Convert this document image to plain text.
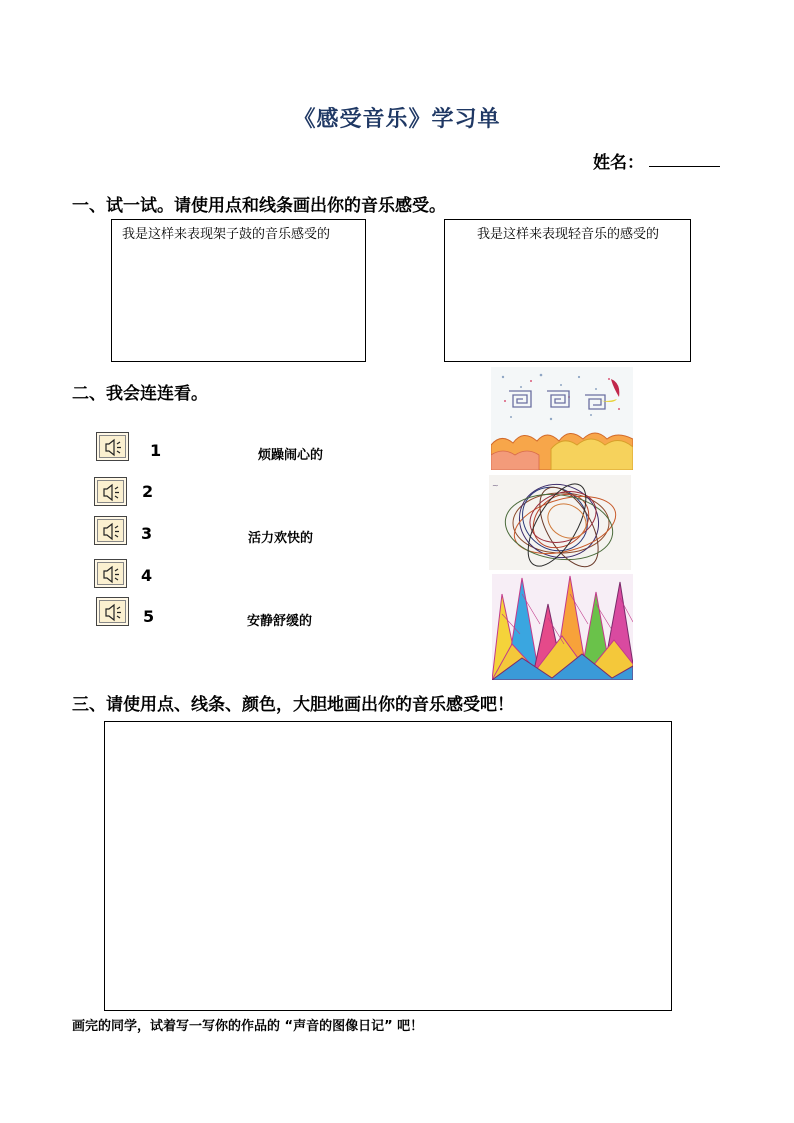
《感受音乐》学习单
姓名：
一、试一试。请使用点和线条画出你的音乐感受。
我是这样来表现架子鼓的音乐感受的	我是这样来表现轻音乐的感受的
二、我会连连看。
1
2
3
4
5
烦躁闹心的
活力欢快的
安静舒缓的
~
三、请使用点、线条、颜色，大胆地画出你的音乐感受吧！
画完的同学，试着写一写你的作品的 “声音的图像日记” 吧！
